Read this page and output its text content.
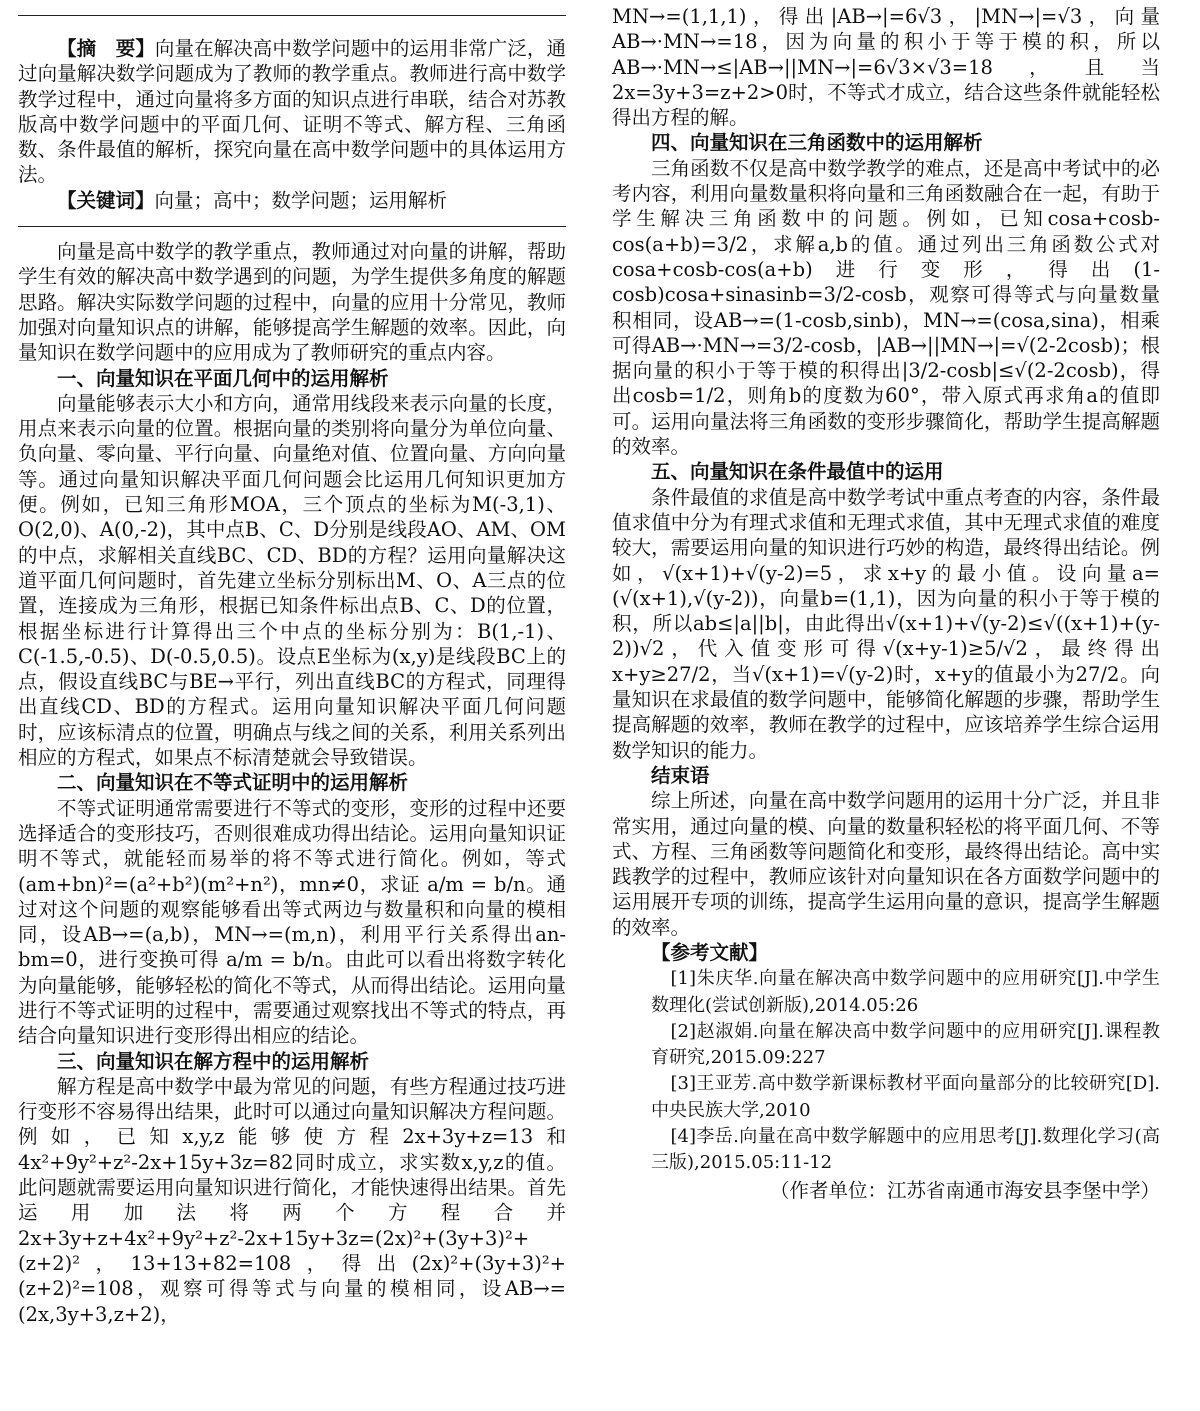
【摘　要】向量在解决高中数学问题中的运用非常广泛，通过向量解决数学问题成为了教师的教学重点。教师进行高中数学教学过程中，通过向量将多方面的知识点进行串联，结合对苏教版高中数学问题中的平面几何、证明不等式、解方程、三角函数、条件最值的解析，探究向量在高中数学问题中的具体运用方法。

【关键词】向量；高中；数学问题；运用解析

向量是高中数学的教学重点，教师通过对向量的讲解，帮助学生有效的解决高中数学遇到的问题，为学生提供多角度的解题思路。解决实际数学问题的过程中，向量的应用十分常见，教师加强对向量知识点的讲解，能够提高学生解题的效率。因此，向量知识在数学问题中的应用成为了教师研究的重点内容。

一、向量知识在平面几何中的运用解析

向量能够表示大小和方向，通常用线段来表示向量的长度，用点来表示向量的位置。根据向量的类别将向量分为单位向量、负向量、零向量、平行向量、向量绝对值、位置向量、方向向量等。通过向量知识解决平面几何问题会比运用几何知识更加方便。例如，已知三角形MOA，三个顶点的坐标为M(-3,1)、O(2,0)、A(0,-2)，其中点B、C、D分别是线段AO、AM、OM的中点，求解相关直线BC、CD、BD的方程？运用向量解决这道平面几何问题时，首先建立坐标分别标出M、O、A三点的位置，连接成为三角形，根据已知条件标出点B、C、D的位置，根据坐标进行计算得出三个中点的坐标分别为：B(1,-1)、C(-1.5,-0.5)、D(-0.5,0.5)。设点E坐标为(x,y)是线段BC上的点，假设直线BC与BE→平行，列出直线BC的方程式，同理得出直线CD、BD的方程式。运用向量知识解决平面几何问题时，应该标清点的位置，明确点与线之间的关系，利用关系列出相应的方程式，如果点不标清楚就会导致错误。

二、向量知识在不等式证明中的运用解析

不等式证明通常需要进行不等式的变形，变形的过程中还要选择适合的变形技巧，否则很难成功得出结论。运用向量知识证明不等式，就能轻而易举的将不等式进行简化。例如，等式(am+bn)²=(a²+b²)(m²+n²)，mn≠0，求证 a/m = b/n。通过对这个问题的观察能够看出等式两边与数量积和向量的模相同，设AB→=(a,b)，MN→=(m,n)，利用平行关系得出an-bm=0，进行变换可得 a/m = b/n。由此可以看出将数字转化为向量能够，能够轻松的简化不等式，从而得出结论。运用向量进行不等式证明的过程中，需要通过观察找出不等式的特点，再结合向量知识进行变形得出相应的结论。

三、向量知识在解方程中的运用解析

解方程是高中数学中最为常见的问题，有些方程通过技巧进行变形不容易得出结果，此时可以通过向量知识解决方程问题。例如，已知x,y,z能够使方程2x+3y+z=13和4x²+9y²+z²-2x+15y+3z=82同时成立，求实数x,y,z的值。此问题就需要运用向量知识进行简化，才能快速得出结果。首先运用加法将两个方程合并2x+3y+z+4x²+9y²+z²-2x+15y+3z=(2x)²+(3y+3)²+(z+2)²，13+13+82=108，得出(2x)²+(3y+3)²+(z+2)²=108，观察可得等式与向量的模相同，设AB→=(2x,3y+3,z+2)，

MN→=(1,1,1)，得出|AB→|=6√3，|MN→|=√3，向量AB→·MN→=18，因为向量的积小于等于模的积，所以AB→·MN→≤|AB→||MN→|=6√3×√3=18，且当2x=3y+3=z+2>0时，不等式才成立，结合这些条件就能轻松得出方程的解。

四、向量知识在三角函数中的运用解析

三角函数不仅是高中数学教学的难点，还是高中考试中的必考内容，利用向量数量积将向量和三角函数融合在一起，有助于学生解决三角函数中的问题。例如，已知cosa+cosb-cos(a+b)=3/2，求解a,b的值。通过列出三角函数公式对cosa+cosb-cos(a+b)进行变形，得出(1-cosb)cosa+sinasinb=3/2-cosb，观察可得等式与向量数量积相同，设AB→=(1-cosb,sinb)，MN→=(cosa,sina)，相乘可得AB→·MN→=3/2-cosb，|AB→||MN→|=√(2-2cosb)；根据向量的积小于等于模的积得出|3/2-cosb|≤√(2-2cosb)，得出cosb=1/2，则角b的度数为60°，带入原式再求角a的值即可。运用向量法将三角函数的变形步骤简化，帮助学生提高解题的效率。

五、向量知识在条件最值中的运用

条件最值的求值是高中数学考试中重点考查的内容，条件最值求值中分为有理式求值和无理式求值，其中无理式求值的难度较大，需要运用向量的知识进行巧妙的构造，最终得出结论。例如，√(x+1)+√(y-2)=5，求x+y的最小值。设向量a=(√(x+1),√(y-2))，向量b=(1,1)，因为向量的积小于等于模的积，所以ab≤|a||b|，由此得出√(x+1)+√(y-2)≤√((x+1)+(y-2))√2，代入值变形可得√(x+y-1)≥5/√2，最终得出x+y≥27/2，当√(x+1)=√(y-2)时，x+y的值最小为27/2。向量知识在求最值的数学问题中，能够简化解题的步骤，帮助学生提高解题的效率，教师在教学的过程中，应该培养学生综合运用数学知识的能力。

结束语

综上所述，向量在高中数学问题用的运用十分广泛，并且非常实用，通过向量的模、向量的数量积轻松的将平面几何、不等式、方程、三角函数等问题简化和变形，最终得出结论。高中实践教学的过程中，教师应该针对向量知识在各方面数学问题中的运用展开专项的训练，提高学生运用向量的意识，提高学生解题的效率。

【参考文献】

[1]朱庆华.向量在解决高中数学问题中的应用研究[J].中学生数理化(尝试创新版),2014.05:26

[2]赵淑娟.向量在解决高中数学问题中的应用研究[J].课程教育研究,2015.09:227

[3]王亚芳.高中数学新课标教材平面向量部分的比较研究[D].中央民族大学,2010

[4]李岳.向量在高中数学解题中的应用思考[J].数理化学习(高三版),2015.05:11-12

（作者单位：江苏省南通市海安县李堡中学）
